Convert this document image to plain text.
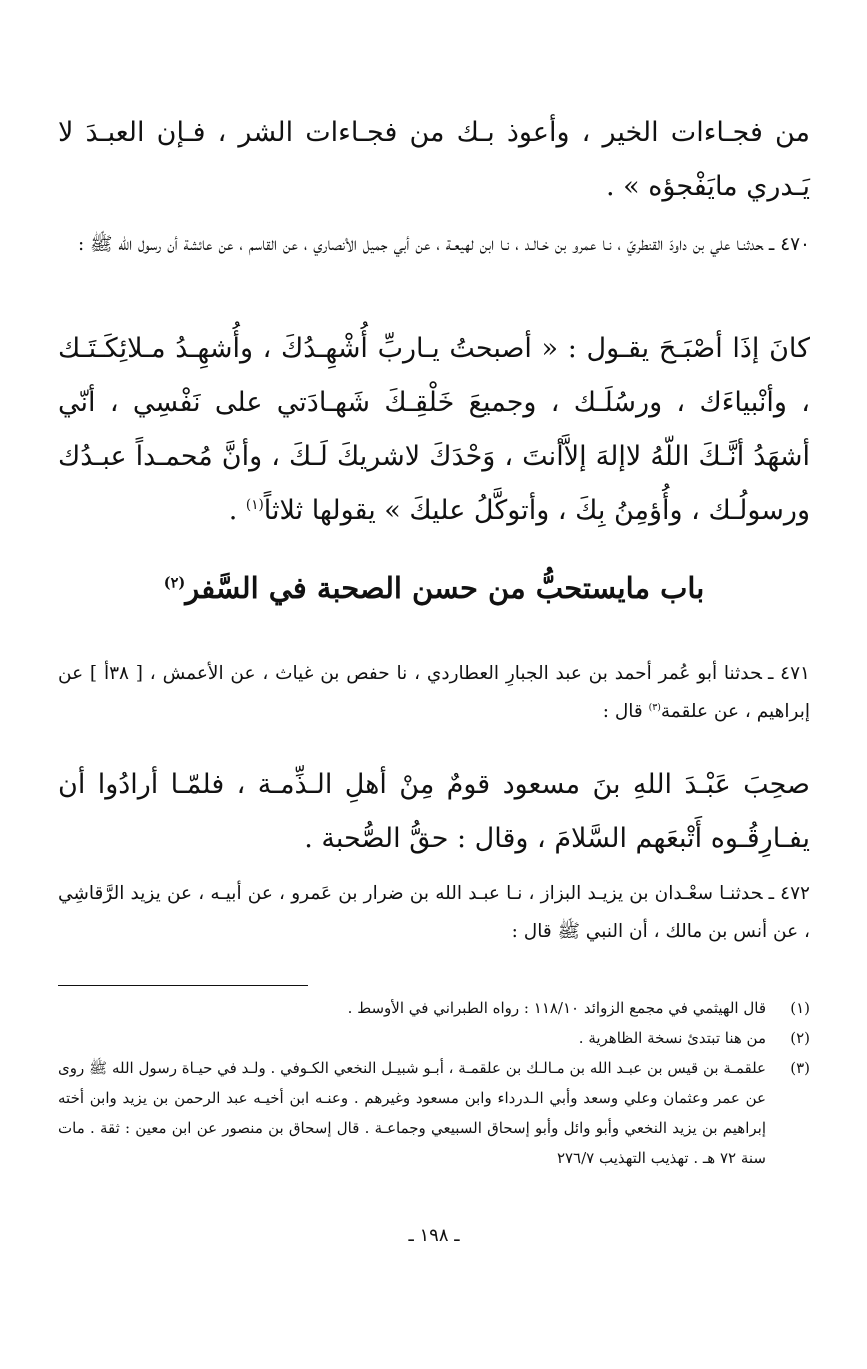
من فجـاءات الخير ، وأعوذ بـك من فجـاءات الشر ، فـإن العبـدَ لا يَـدري مايَفْجؤه » .

٤٧٠ ـحدثنـا علي بن داودَ القنطريّ ، نـا عمرو بن خـالـد ، نـا ابن لهيعـة ، عن أبي جميل الأنصاري ، عن القاسم ، عن عائشة أن رسول الله ﷺ :

كانَ إذَا أصْبَـحَ يقـول : « أصبحتُ يـاربِّ أُشْهِـدُكَ ، وأُشهِـدُ مـلائِكَـتَـك ، وأنْبياءَك ، ورسُلَـك ، وجميعَ خَلْقِـكَ شَهـادَتي على نَفْسِي ، أنّي أشهَدُ أنَّـكَ اللّهُ لاإلهَ إلاَّأنتَ ، وَحْدَكَ لاشريكَ لَـكَ ، وأنَّ مُحمـداً عبـدُك ورسولُـك ، وأُؤمِنُ بِكَ ، وأتوكَّلُ عليكَ » يقولها ثلاثاً$^{(١)}$ .

باب مايستحبُّ من حسن الصحبة في السَّفر$^{(٢)}$

٤٧١ ـحدثنا أبو عُمر أحمد بن عبد الجبارِ العطاردي ، نا حفص بن غياث ، عن الأعمش ، [ ٣٨أ ] عن إبراهيم ، عن علقمة$^{(٣)}$ قال :

صحِبَ عَبْـدَ اللهِ بنَ مسعود قومٌ مِنْ أهلِ الـذِّمـة ، فلمّـا أرادُوا أن يفـارِقُـوه أَتْبعَهم السَّلامَ ، وقال : حقُّ الصُّحبة .

٤٧٢ ـحدثنـا سعْـدان بن يزيـد البزاز ، نـا عبـد الله بن ضرار بن عَمرو ، عن أبيـه ، عن يزيد الرَّقاشِي ، عن أنس بن مالك ، أن النبي ﷺ قال :

(١)
قال الهيثمي في مجمع الزوائد ١١٨/١٠ : رواه الطبراني في الأوسط .
(٢)
من هنا تبتدئ نسخة الظاهرية .
(٣)
علقمـة بن قيس بن عبـد الله بن مـالـك بن علقمـة ، أبـو شبيـل النخعي الكـوفي . ولـد في حيـاة رسول الله ﷺ روى عن عمر وعثمان وعلي وسعد وأبي الـدرداء وابن مسعود وغيرهم . وعنـه ابن أخيـه عبد الرحمن بن يزيد وابن أخته إبراهيم بن يزيد النخعي وأبو وائل وأبو إسحاق السبيعي وجماعـة . قال إسحاق بن منصور عن ابن معين : ثقة . مات سنة ٧٢ هـ . تهذيب التهذيب ٢٧٦/٧
ـ ١٩٨ ـ
